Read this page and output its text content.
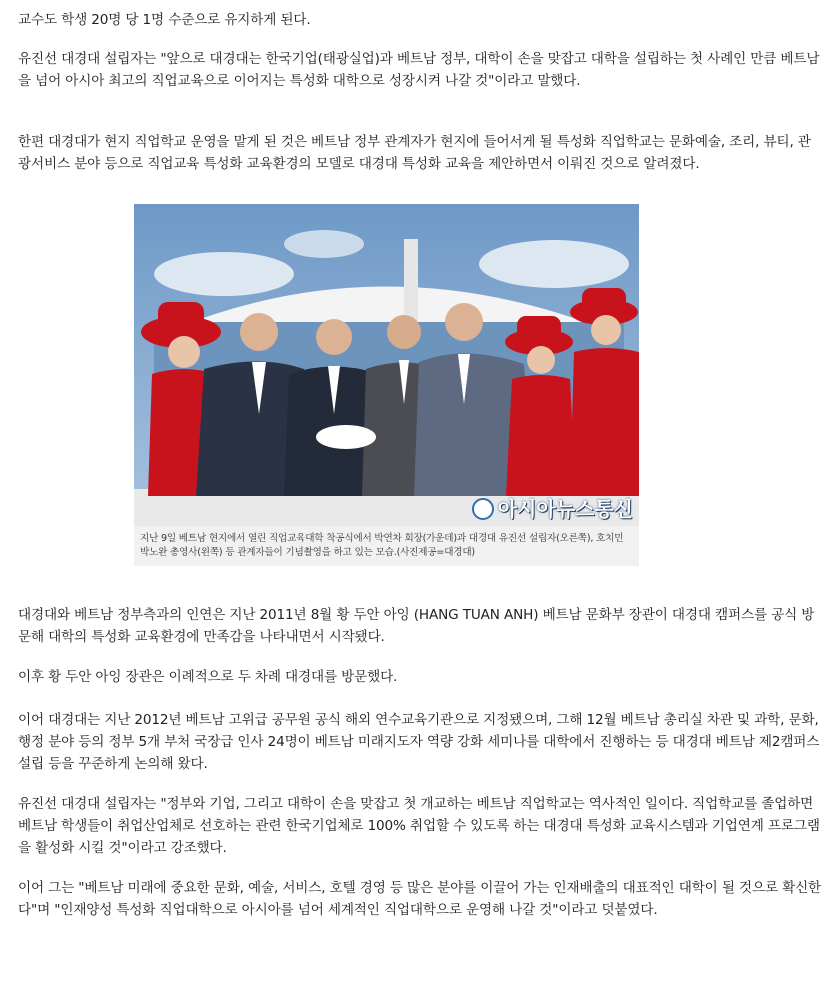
교수도 학생 20명 당 1명 수준으로 유지하게 된다.

유진선 대경대 설립자는 "앞으로 대경대는 한국기업(태광실업)과 베트남 정부, 대학이 손을 맞잡고 대학을 설립하는 첫 사례인 만큼 베트남을 넘어 아시아 최고의 직업교육으로 이어지는 특성화 대학으로 성장시켜 나갈 것"이라고 말했다.

한편 대경대가 현지 직업학교 운영을 맡게 된 것은 베트남 정부 관계자가 현지에 들어서게 될 특성화 직업학교는 문화예술, 조리, 뷰티, 관광서비스 분야 등으로 직업교육 특성화 교육환경의 모델로 대경대 특성화 교육을 제안하면서 이뤄진 것으로 알려졌다.

아시아뉴스통신
지난 9일 베트남 현지에서 열린 직업교육대학 착공식에서 박연차 회장(가운데)과 대경대 유진선 설립자(오른쪽), 호치민 박노완 총영사(왼쪽) 등 관계자들이 기념촬영을 하고 있는 모습.(사진제공=대경대)

대경대와 베트남 정부측과의 인연은 지난 2011년 8월 황 두안 아잉 (HANG TUAN ANH) 베트남 문화부 장관이 대경대 캠퍼스를 공식 방문해 대학의 특성화 교육환경에 만족감을 나타내면서 시작됐다.

이후 황 두안 아잉 장관은 이례적으로 두 차례 대경대를 방문했다.

이어 대경대는 지난 2012년 베트남 고위급 공무원 공식 해외 연수교육기관으로 지정됐으며, 그해 12월 베트남 총리실 차관 및 과학, 문화, 행정 분야 등의 정부 5개 부처 국장급 인사 24명이 베트남 미래지도자 역량 강화 세미나를 대학에서 진행하는 등 대경대 베트남 제2캠퍼스 설립 등을 꾸준하게 논의해 왔다.

유진선 대경대 설립자는 "정부와 기업, 그리고 대학이 손을 맞잡고 첫 개교하는 베트남 직업학교는 역사적인 일이다. 직업학교를 졸업하면 베트남 학생들이 취업산업체로 선호하는 관련 한국기업체로 100% 취업할 수 있도록 하는 대경대 특성화 교육시스템과 기업연계 프로그램을 활성화 시킬 것"이라고 강조했다.

이어 그는 "베트남 미래에 중요한 문화, 예술, 서비스, 호텔 경영 등 많은 분야를 이끌어 가는 인재배출의 대표적인 대학이 될 것으로 확신한다"며 "인재양성 특성화 직업대학으로 아시아를 넘어 세계적인 직업대학으로 운영해 나갈 것"이라고 덧붙였다.
